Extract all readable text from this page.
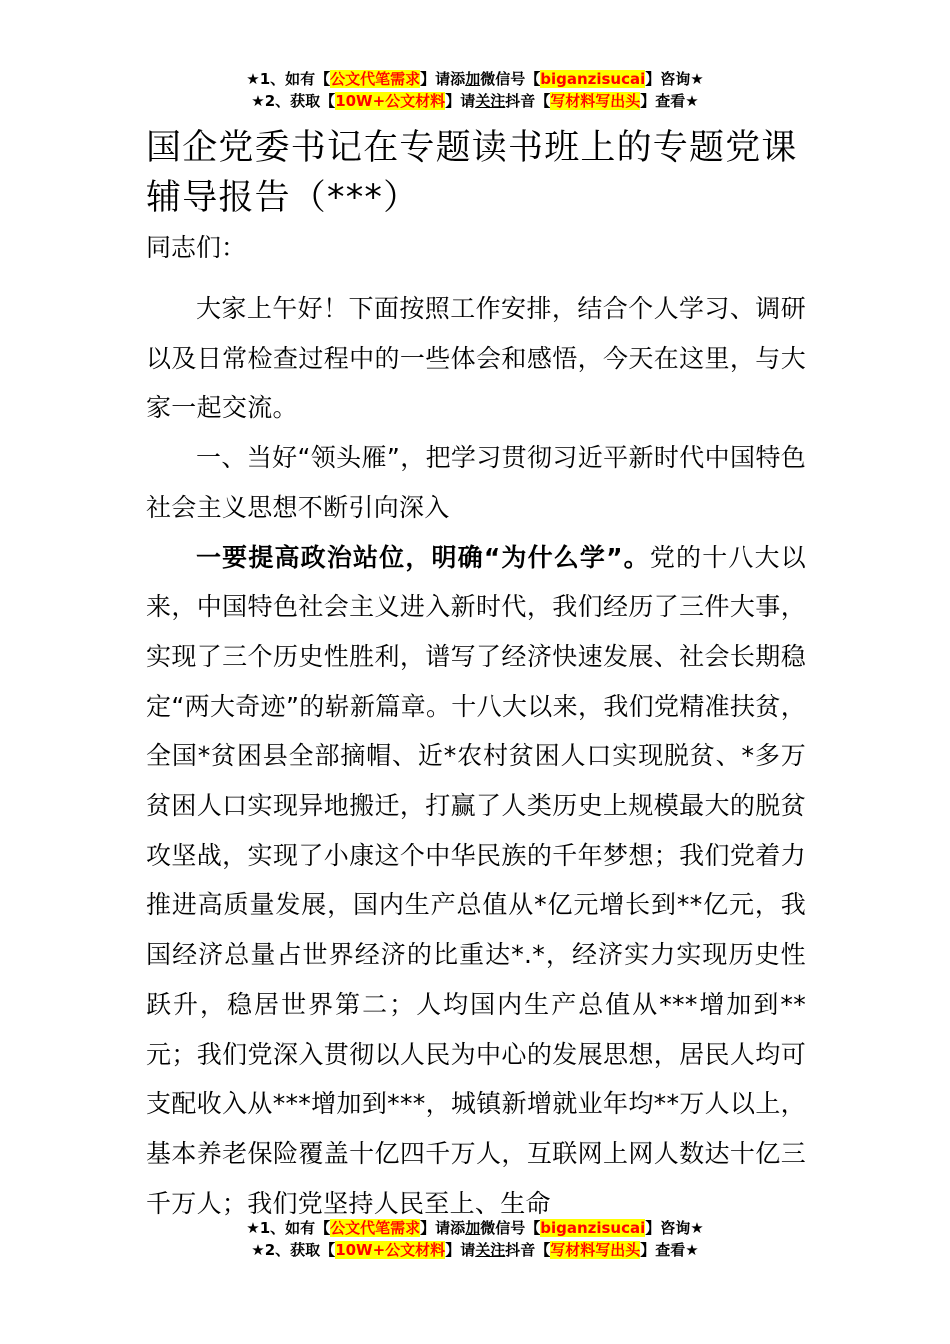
★1、如有【公文代笔需求】请添加微信号【biganzisucai】咨询★
★2、获取【10W+公文材料】请关注抖音【写材料写出头】查看★
国企党委书记在专题读书班上的专题党课辅导报告（***）

同志们：

大家上午好！下面按照工作安排，结合个人学习、调研以及日常检查过程中的一些体会和感悟，今天在这里，与大家一起交流。

一、当好“领头雁”，把学习贯彻习近平新时代中国特色社会主义思想不断引向深入

一要提高政治站位，明确“为什么学”。党的十八大以来，中国特色社会主义进入新时代，我们经历了三件大事，实现了三个历史性胜利，谱写了经济快速发展、社会长期稳定“两大奇迹”的崭新篇章。十八大以来，我们党精准扶贫，全国*贫困县全部摘帽、近*农村贫困人口实现脱贫、*多万贫困人口实现异地搬迁，打赢了人类历史上规模最大的脱贫攻坚战，实现了小康这个中华民族的千年梦想；我们党着力推进高质量发展，国内生产总值从*亿元增长到**亿元，我国经济总量占世界经济的比重达*.*，经济实力实现历史性跃升，稳居世界第二；人均国内生产总值从***增加到**元；我们党深入贯彻以人民为中心的发展思想，居民人均可支配收入从***增加到***，城镇新增就业年均**万人以上，基本养老保险覆盖十亿四千万人，互联网上网人数达十亿三千万人；我们党坚持人民至上、生命

★1、如有【公文代笔需求】请添加微信号【biganzisucai】咨询★
★2、获取【10W+公文材料】请关注抖音【写材料写出头】查看★
